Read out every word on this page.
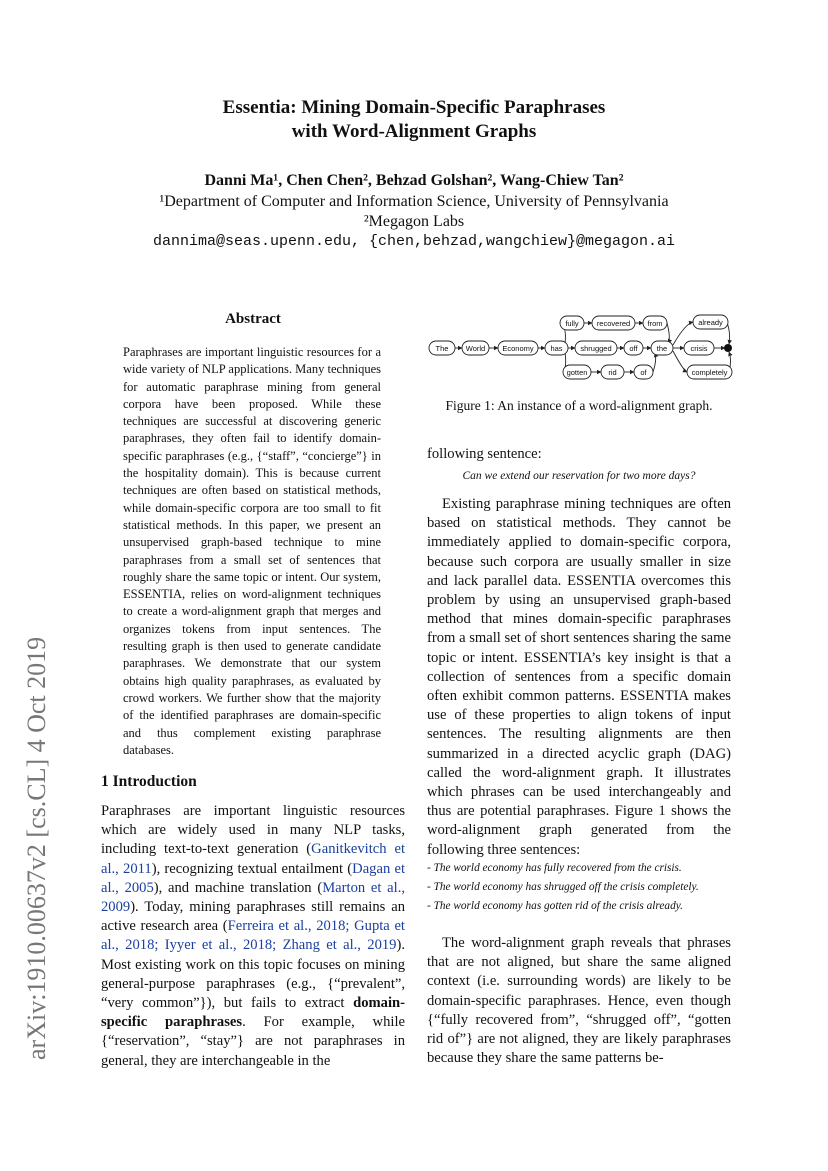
arXiv:1910.00637v2 [cs.CL] 4 Oct 2019
Essentia: Mining Domain-Specific Paraphrases
with Word-Alignment Graphs
Danni Ma¹, Chen Chen², Behzad Golshan², Wang-Chiew Tan²
¹Department of Computer and Information Science, University of Pennsylvania
²Megagon Labs
dannima@seas.upenn.edu, {chen,behzad,wangchiew}@megagon.ai
Abstract
Paraphrases are important linguistic resources for a wide variety of NLP applications. Many techniques for automatic paraphrase mining from general corpora have been proposed. While these techniques are successful at discovering generic paraphrases, they often fail to identify domain-specific paraphrases (e.g., {“staff”, “concierge”} in the hospitality domain). This is because current techniques are often based on statistical methods, while domain-specific corpora are too small to fit statistical methods. In this paper, we present an unsupervised graph-based technique to mine paraphrases from a small set of sentences that roughly share the same topic or intent. Our system, ESSENTIA, relies on word-alignment techniques to create a word-alignment graph that merges and organizes tokens from input sentences. The resulting graph is then used to generate candidate paraphrases. We demonstrate that our system obtains high quality paraphrases, as evaluated by crowd workers. We further show that the majority of the identified paraphrases are domain-specific and thus complement existing paraphrase databases.
1 Introduction
Paraphrases are important linguistic resources which are widely used in many NLP tasks, including text-to-text generation (Ganitkevitch et al., 2011), recognizing textual entailment (Dagan et al., 2005), and machine translation (Marton et al., 2009). Today, mining paraphrases still remains an active research area (Ferreira et al., 2018; Gupta et al., 2018; Iyyer et al., 2018; Zhang et al., 2019). Most existing work on this topic focuses on mining general-purpose paraphrases (e.g., {“prevalent”, “very common”}), but fails to extract domain-specific paraphrases. For example, while {“reservation”, “stay”} are not paraphrases in general, they are interchangeable in the
The World Economy has
fully recovered from
shrugged off	the	crisis
gotten	rid	of
already
completely
Figure 1: An instance of a word-alignment graph.
following sentence:
Can we extend our reservation for two more days?

Existing paraphrase mining techniques are often based on statistical methods. They cannot be immediately applied to domain-specific corpora, because such corpora are usually smaller in size and lack parallel data. ESSENTIA overcomes this problem by using an unsupervised graph-based method that mines domain-specific paraphrases from a small set of short sentences sharing the same topic or intent. ESSENTIA’s key insight is that a collection of sentences from a specific domain often exhibit common patterns. ESSENTIA makes use of these properties to align tokens of input sentences. The resulting alignments are then summarized in a directed acyclic graph (DAG) called the word-alignment graph. It illustrates which phrases can be used interchangeably and thus are potential paraphrases. Figure 1 shows the word-alignment graph generated from the following three sentences:

- The world economy has fully recovered from the crisis.
- The world economy has shrugged off the crisis completely.
- The world economy has gotten rid of the crisis already.

The word-alignment graph reveals that phrases that are not aligned, but share the same aligned context (i.e. surrounding words) are likely to be domain-specific paraphrases. Hence, even though {“fully recovered from”, “shrugged off”, “gotten rid of”} are not aligned, they are likely paraphrases because they share the same patterns be-
